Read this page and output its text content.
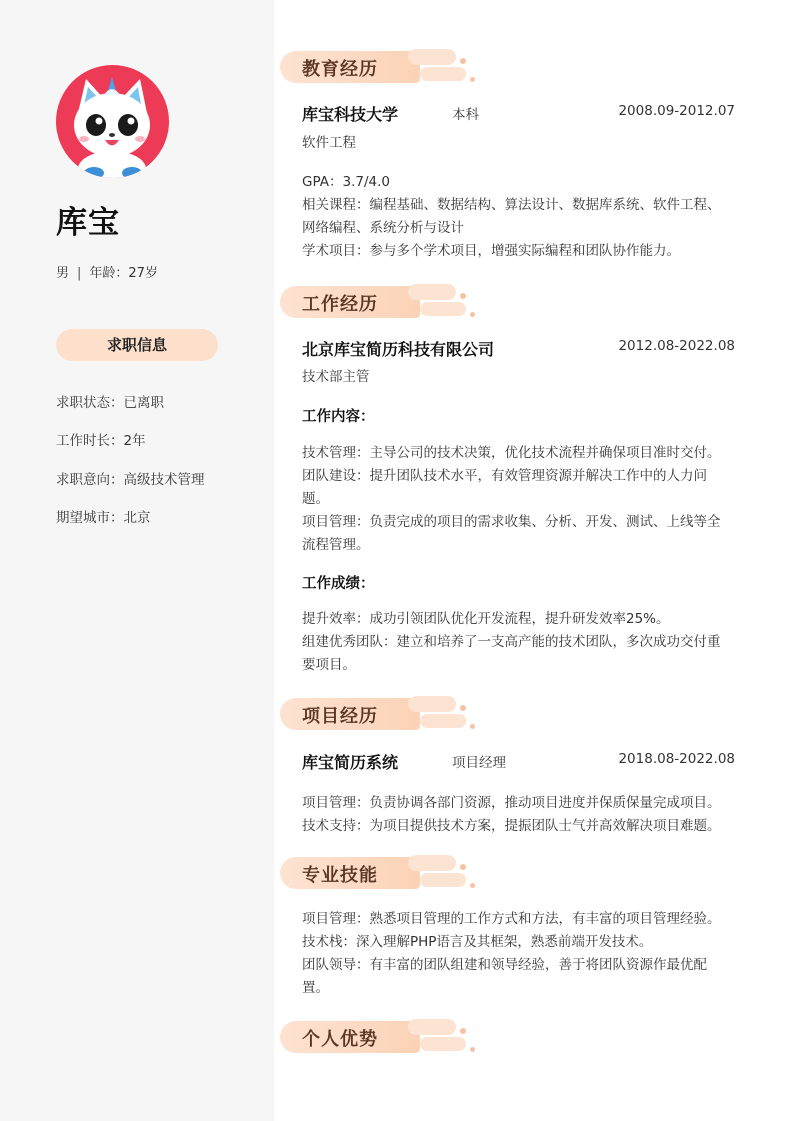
库宝
男 | 年龄：27岁
求职信息
求职状态：已离职
工作时长：2年
求职意向：高级技术管理
期望城市：北京
教育经历
库宝科技大学	本科	2008.09-2012.07
软件工程
GPA：3.7/4.0
相关课程：编程基础、数据结构、算法设计、数据库系统、软件工程、
网络编程、系统分析与设计
学术项目：参与多个学术项目，增强实际编程和团队协作能力。
工作经历
北京库宝简历科技有限公司	2012.08-2022.08
技术部主管
工作内容：
技术管理：主导公司的技术决策，优化技术流程并确保项目准时交付。
团队建设：提升团队技术水平，有效管理资源并解决工作中的人力问
题。
项目管理：负责完成的项目的需求收集、分析、开发、测试、上线等全
流程管理。
工作成绩：
提升效率：成功引领团队优化开发流程，提升研发效率25%。
组建优秀团队：建立和培养了一支高产能的技术团队，多次成功交付重
要项目。
项目经历
库宝简历系统	项目经理	2018.08-2022.08
项目管理：负责协调各部门资源，推动项目进度并保质保量完成项目。
技术支持：为项目提供技术方案，提振团队士气并高效解决项目难题。
专业技能
项目管理：熟悉项目管理的工作方式和方法，有丰富的项目管理经验。
技术栈：深入理解PHP语言及其框架，熟悉前端开发技术。
团队领导：有丰富的团队组建和领导经验，善于将团队资源作最优配
置。
个人优势
